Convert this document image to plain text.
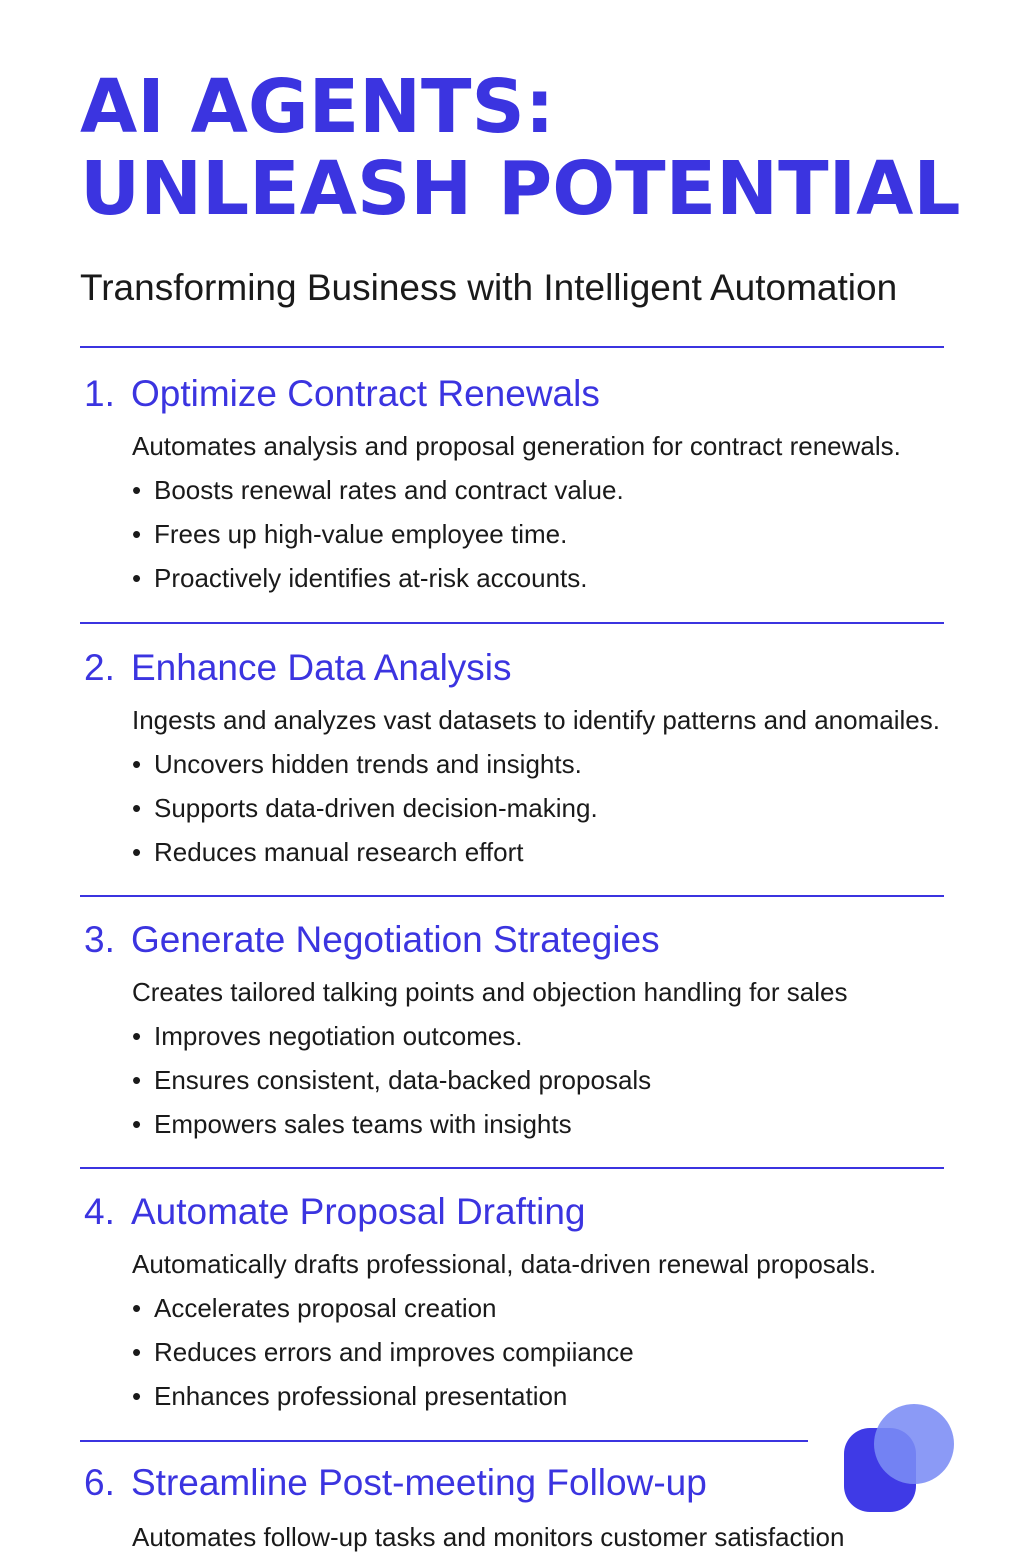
AI AGENTS:
UNLEASH POTENTIAL

Transforming Business with Intelligent Automation

1. Optimize Contract Renewals
Automates analysis and proposal generation for contract renewals.
• Boosts renewal rates and contract value.
• Frees up high-value employee time.
• Proactively identifies at-risk accounts.
2. Enhance Data Analysis
Ingests and analyzes vast datasets to identify patterns and anomailes.
• Uncovers hidden trends and insights.
• Supports data-driven decision-making.
• Reduces manual research effort
3. Generate Negotiation Strategies
Creates tailored talking points and objection handling for sales
• Improves negotiation outcomes.
• Ensures consistent, data-backed proposals
• Empowers sales teams with insights
4. Automate Proposal Drafting
Automatically drafts professional, data-driven renewal proposals.
• Accelerates proposal creation
• Reduces errors and improves compiiance
• Enhances professional presentation
6. Streamline Post-meeting Follow-up
Automates follow-up tasks and monitors customer satisfaction
